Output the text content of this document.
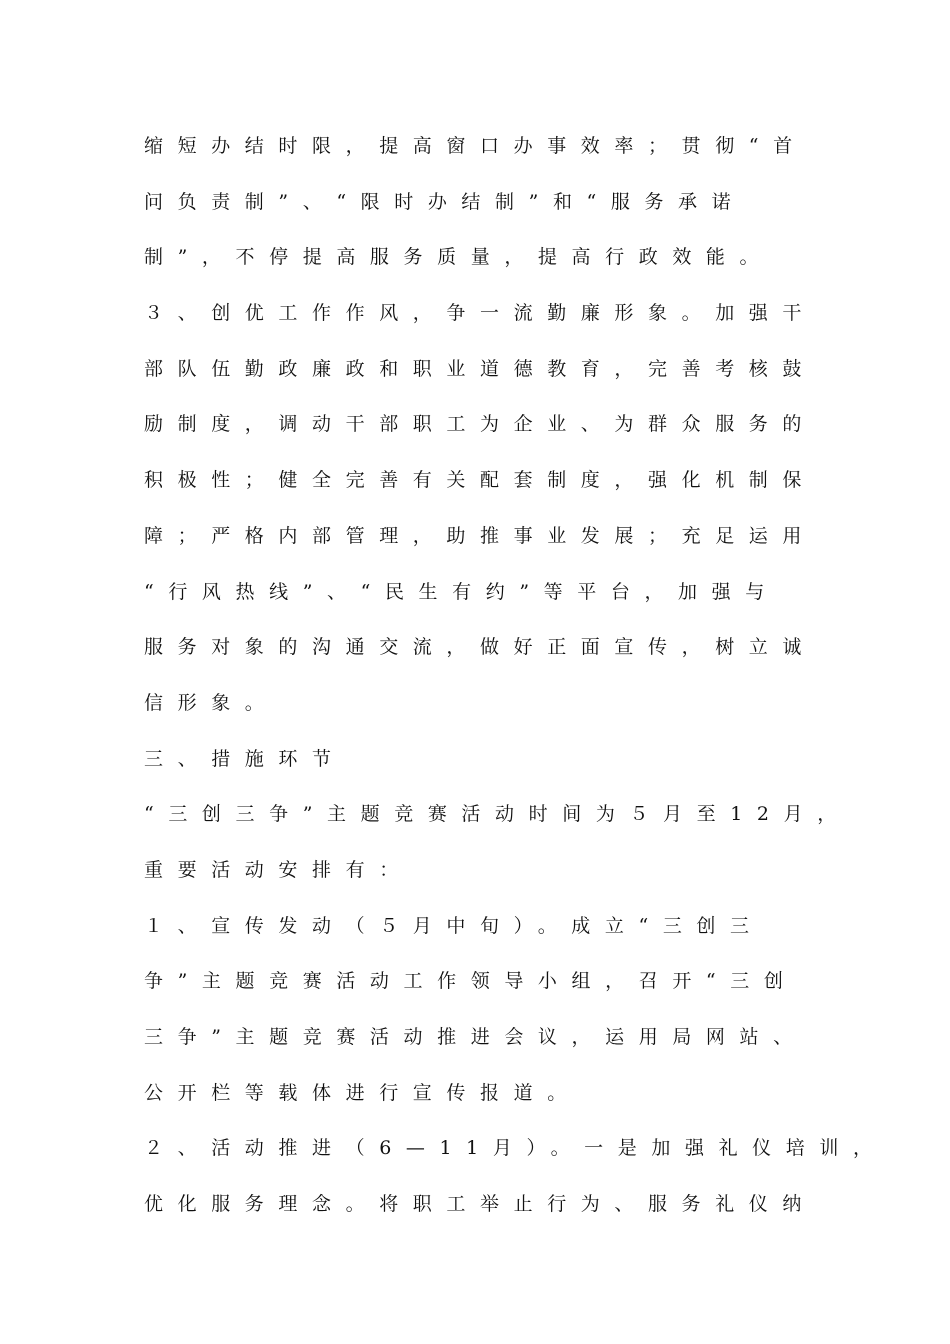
缩短办结时限，提高窗口办事效率；贯彻“首
问负责制”、“限时办结制”和“服务承诺
制”，不停提高服务质量，提高行政效能。
３、创优工作作风，争一流勤廉形象。加强干
部队伍勤政廉政和职业道德教育，完善考核鼓
励制度，调动干部职工为企业、为群众服务的
积极性；健全完善有关配套制度，强化机制保
障；严格内部管理，助推事业发展；充足运用
“行风热线”、“民生有约”等平台，加强与
服务对象的沟通交流，做好正面宣传，树立诚
信形象。
三、措施环节
“三创三争”主题竞赛活动时间为５月至12月，
重要活动安排有：
１、宣传发动（５月中旬）。成立“三创三
争”主题竞赛活动工作领导小组，召开“三创
三争”主题竞赛活动推进会议，运用局网站、
公开栏等载体进行宣传报道。
２、活动推进（6—11月）。一是加强礼仪培训，
优化服务理念。将职工举止行为、服务礼仪纳
